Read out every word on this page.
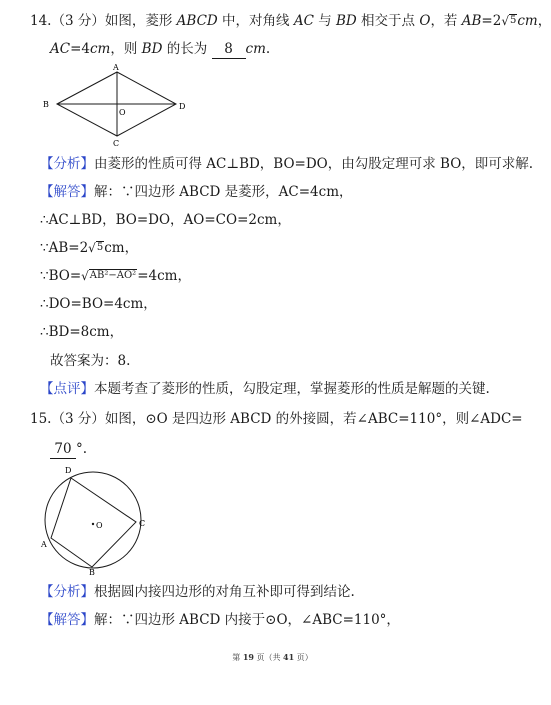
14.（3 分）如图，菱形 ABCD 中，对角线 AC 与 BD 相交于点 O，若 AB=2√5cm，
AC=4cm，则 BD 的长为 8 cm.
A
B	D
C
O
【分析】由菱形的性质可得 AC⊥BD，BO=DO，由勾股定理可求 BO，即可求解.
【解答】解：∵四边形 ABCD 是菱形，AC=4cm，
∴AC⊥BD，BO=DO，AO=CO=2cm，
∵AB=2√5cm，
∵BO=√AB²−AO²=4cm，
∴DO=BO=4cm，
∴BD=8cm，
故答案为：8.
【点评】本题考查了菱形的性质，勾股定理，掌握菱形的性质是解题的关键.
15.（3 分）如图，⊙O 是四边形 ABCD 的外接圆，若∠ABC=110°，则∠ADC=
70 °.
D
C
A
B
O
【分析】根据圆内接四边形的对角互补即可得到结论.
【解答】解：∵四边形 ABCD 内接于⊙O，∠ABC=110°，
第 19 页（共 41 页）
